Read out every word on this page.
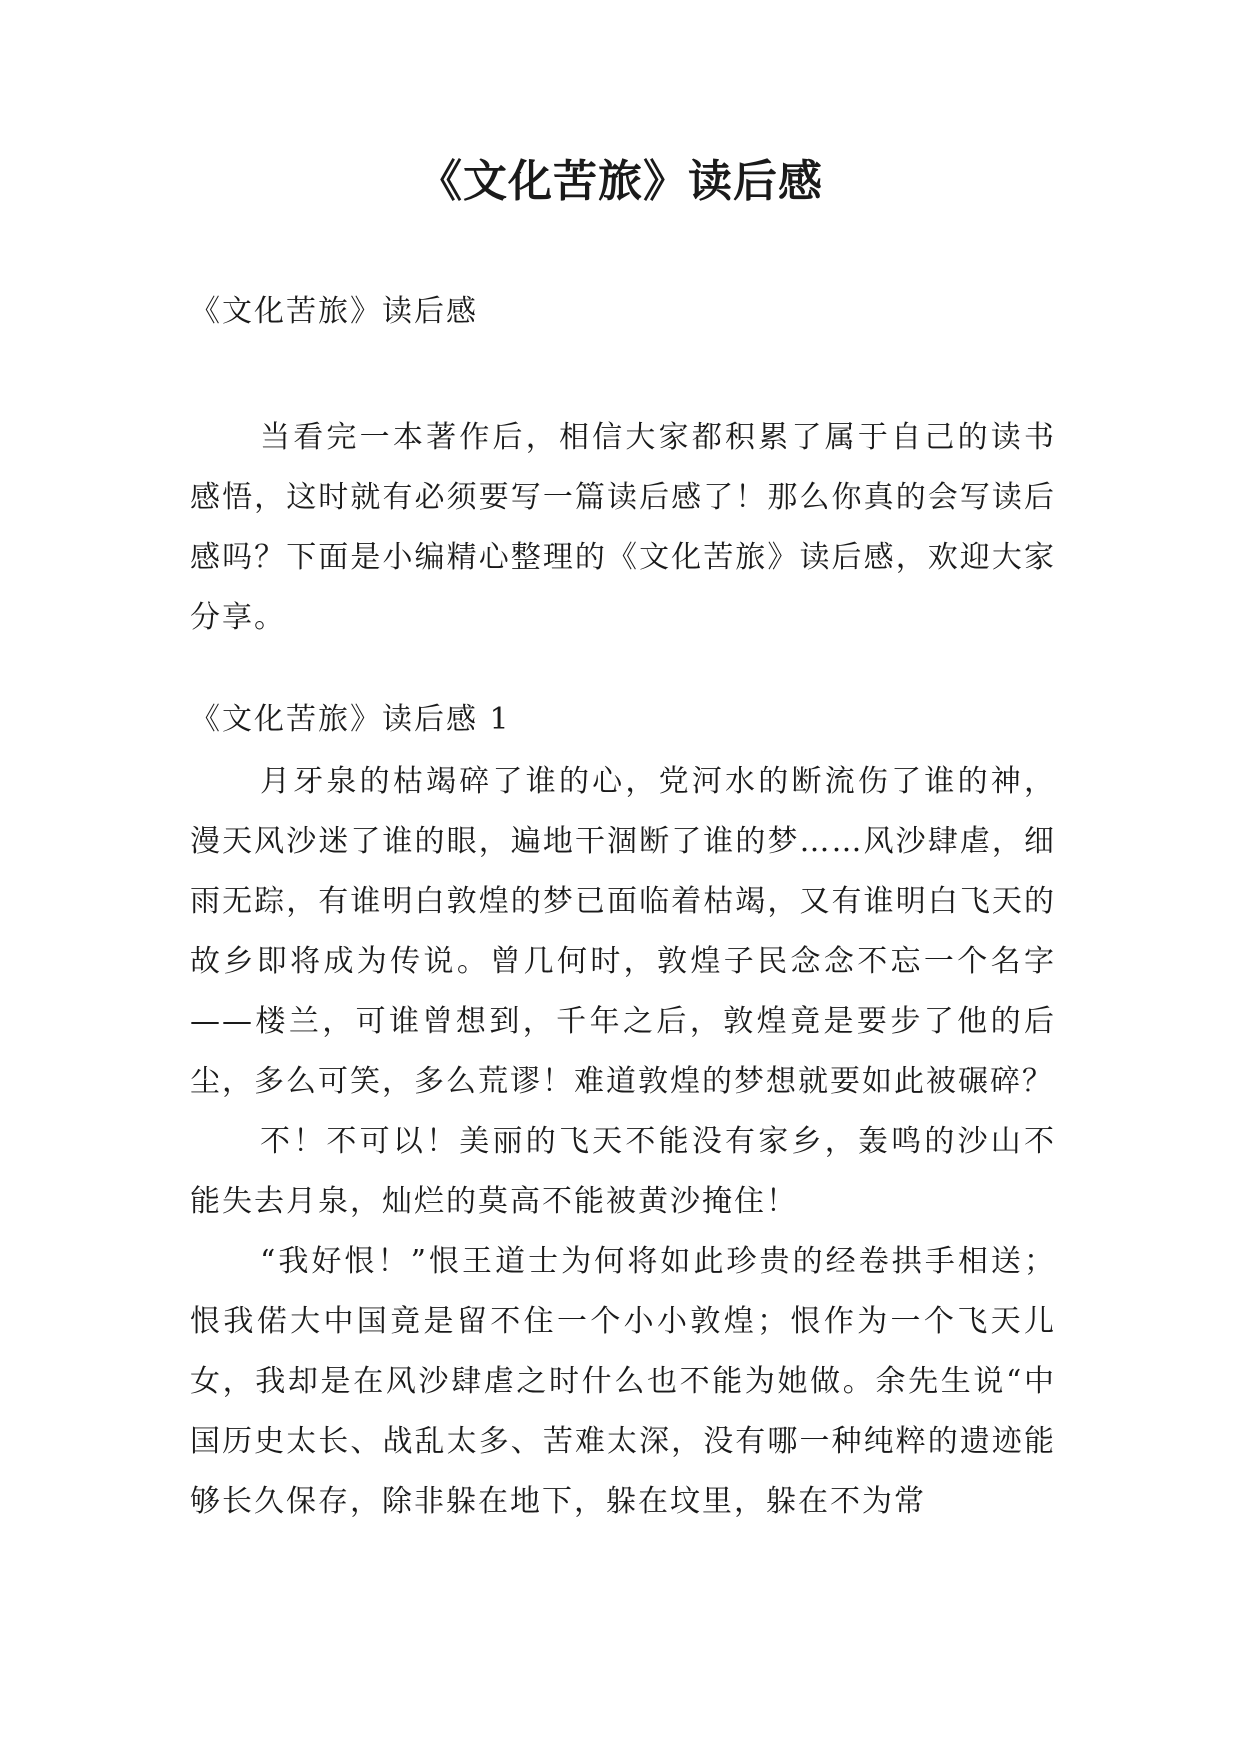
《文化苦旅》读后感
《文化苦旅》读后感

当看完一本著作后，相信大家都积累了属于自己的读书感悟，这时就有必须要写一篇读后感了！那么你真的会写读后感吗？下面是小编精心整理的《文化苦旅》读后感，欢迎大家分享。

《文化苦旅》读后感 1

月牙泉的枯竭碎了谁的心，党河水的断流伤了谁的神，漫天风沙迷了谁的眼，遍地干涸断了谁的梦……风沙肆虐，细雨无踪，有谁明白敦煌的梦已面临着枯竭，又有谁明白飞天的故乡即将成为传说。曾几何时，敦煌子民念念不忘一个名字——楼兰，可谁曾想到，千年之后，敦煌竟是要步了他的后尘，多么可笑，多么荒谬！难道敦煌的梦想就要如此被碾碎？

不！不可以！美丽的飞天不能没有家乡，轰鸣的沙山不能失去月泉，灿烂的莫高不能被黄沙掩住！

“我好恨！”恨王道士为何将如此珍贵的经卷拱手相送；恨我偌大中国竟是留不住一个小小敦煌；恨作为一个飞天儿女，我却是在风沙肆虐之时什么也不能为她做。余先生说“中国历史太长、战乱太多、苦难太深，没有哪一种纯粹的遗迹能够长久保存，除非躲在地下，躲在坟里，躲在不为常
